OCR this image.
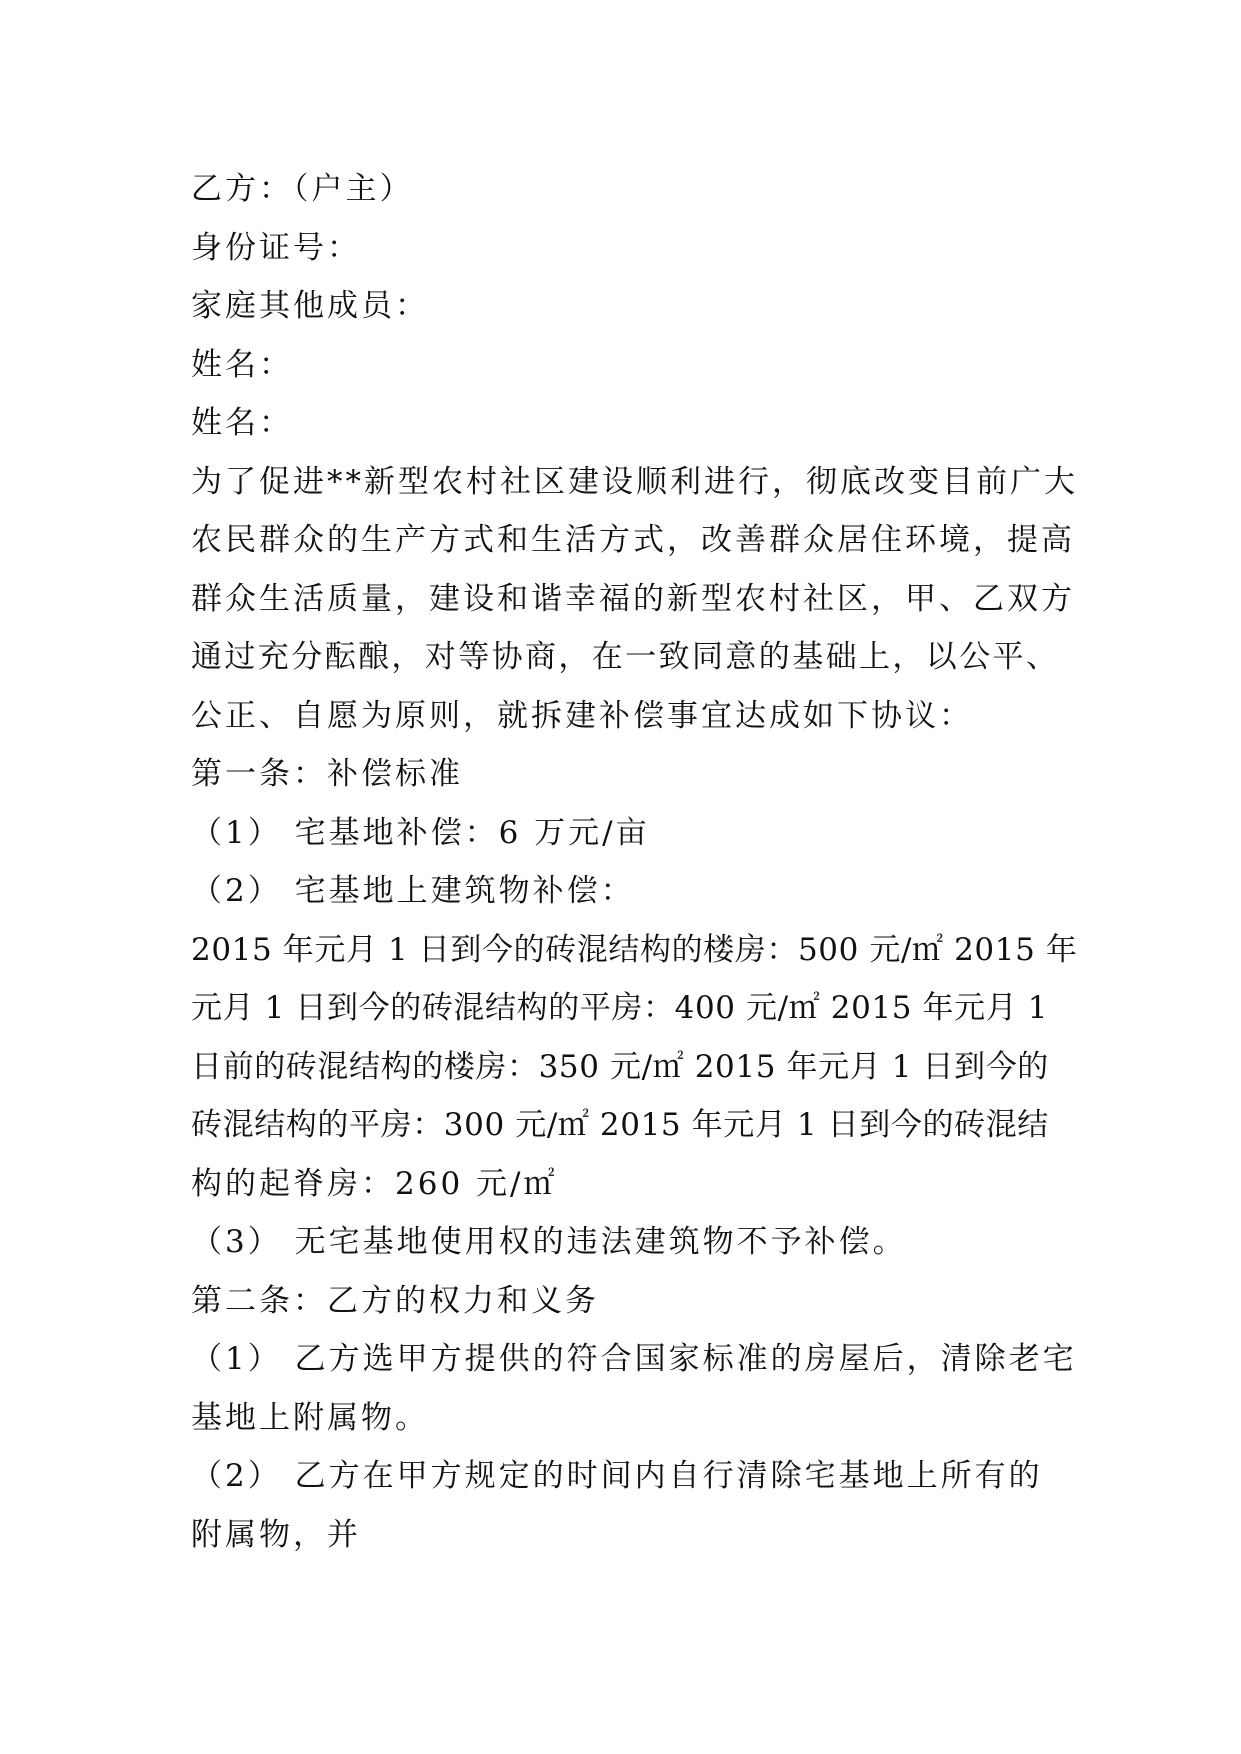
乙方：（户主）
身份证号：
家庭其他成员：
姓名：
姓名：
为了促进**新型农村社区建设顺利进行，彻底改变目前广大
农民群众的生产方式和生活方式，改善群众居住环境，提高
群众生活质量，建设和谐幸福的新型农村社区，甲、乙双方
通过充分酝酿，对等协商，在一致同意的基础上，以公平、
公正、自愿为原则，就拆建补偿事宜达成如下协议：
第一条：补偿标准
（1） 宅基地补偿：6 万元/亩
（2） 宅基地上建筑物补偿：
2015 年元月 1 日到今的砖混结构的楼房：500 元/㎡ 2015 年
元月 1 日到今的砖混结构的平房：400 元/㎡ 2015 年元月 1
日前的砖混结构的楼房：350 元/㎡ 2015 年元月 1 日到今的
砖混结构的平房：300 元/㎡ 2015 年元月 1 日到今的砖混结
构的起脊房：260 元/㎡
（3） 无宅基地使用权的违法建筑物不予补偿。
第二条：乙方的权力和义务
（1） 乙方选甲方提供的符合国家标准的房屋后，清除老宅
基地上附属物。
（2） 乙方在甲方规定的时间内自行清除宅基地上所有的
附属物，并
